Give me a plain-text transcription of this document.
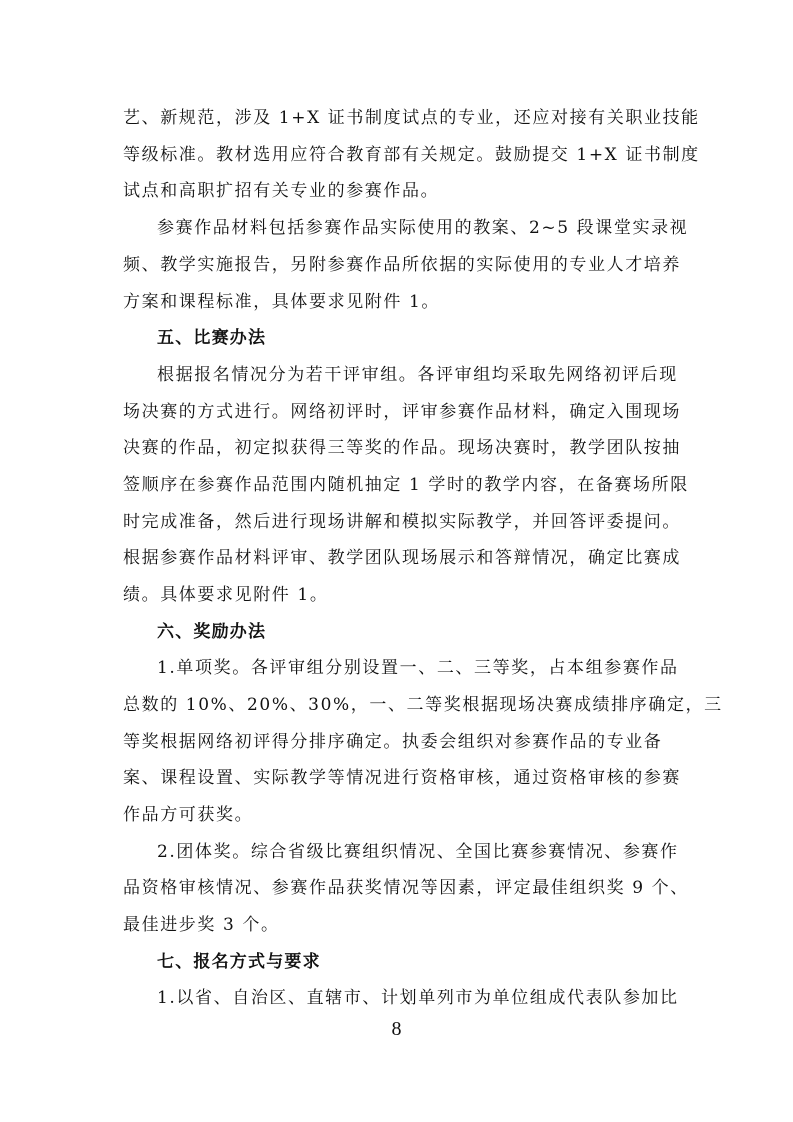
艺、新规范，涉及 1+X 证书制度试点的专业，还应对接有关职业技能
等级标准。教材选用应符合教育部有关规定。鼓励提交 1+X 证书制度
试点和高职扩招有关专业的参赛作品。
参赛作品材料包括参赛作品实际使用的教案、2~5 段课堂实录视
频、教学实施报告，另附参赛作品所依据的实际使用的专业人才培养
方案和课程标准，具体要求见附件 1。
五、比赛办法
根据报名情况分为若干评审组。各评审组均采取先网络初评后现
场决赛的方式进行。网络初评时，评审参赛作品材料，确定入围现场
决赛的作品，初定拟获得三等奖的作品。现场决赛时，教学团队按抽
签顺序在参赛作品范围内随机抽定 1 学时的教学内容，在备赛场所限
时完成准备，然后进行现场讲解和模拟实际教学，并回答评委提问。
根据参赛作品材料评审、教学团队现场展示和答辩情况，确定比赛成
绩。具体要求见附件 1。
六、奖励办法
1.单项奖。各评审组分别设置一、二、三等奖，占本组参赛作品
总数的 10%、20%、30%，一、二等奖根据现场决赛成绩排序确定，三
等奖根据网络初评得分排序确定。执委会组织对参赛作品的专业备
案、课程设置、实际教学等情况进行资格审核，通过资格审核的参赛
作品方可获奖。
2.团体奖。综合省级比赛组织情况、全国比赛参赛情况、参赛作
品资格审核情况、参赛作品获奖情况等因素，评定最佳组织奖 9 个、
最佳进步奖 3 个。
七、报名方式与要求
1.以省、自治区、直辖市、计划单列市为单位组成代表队参加比
8
